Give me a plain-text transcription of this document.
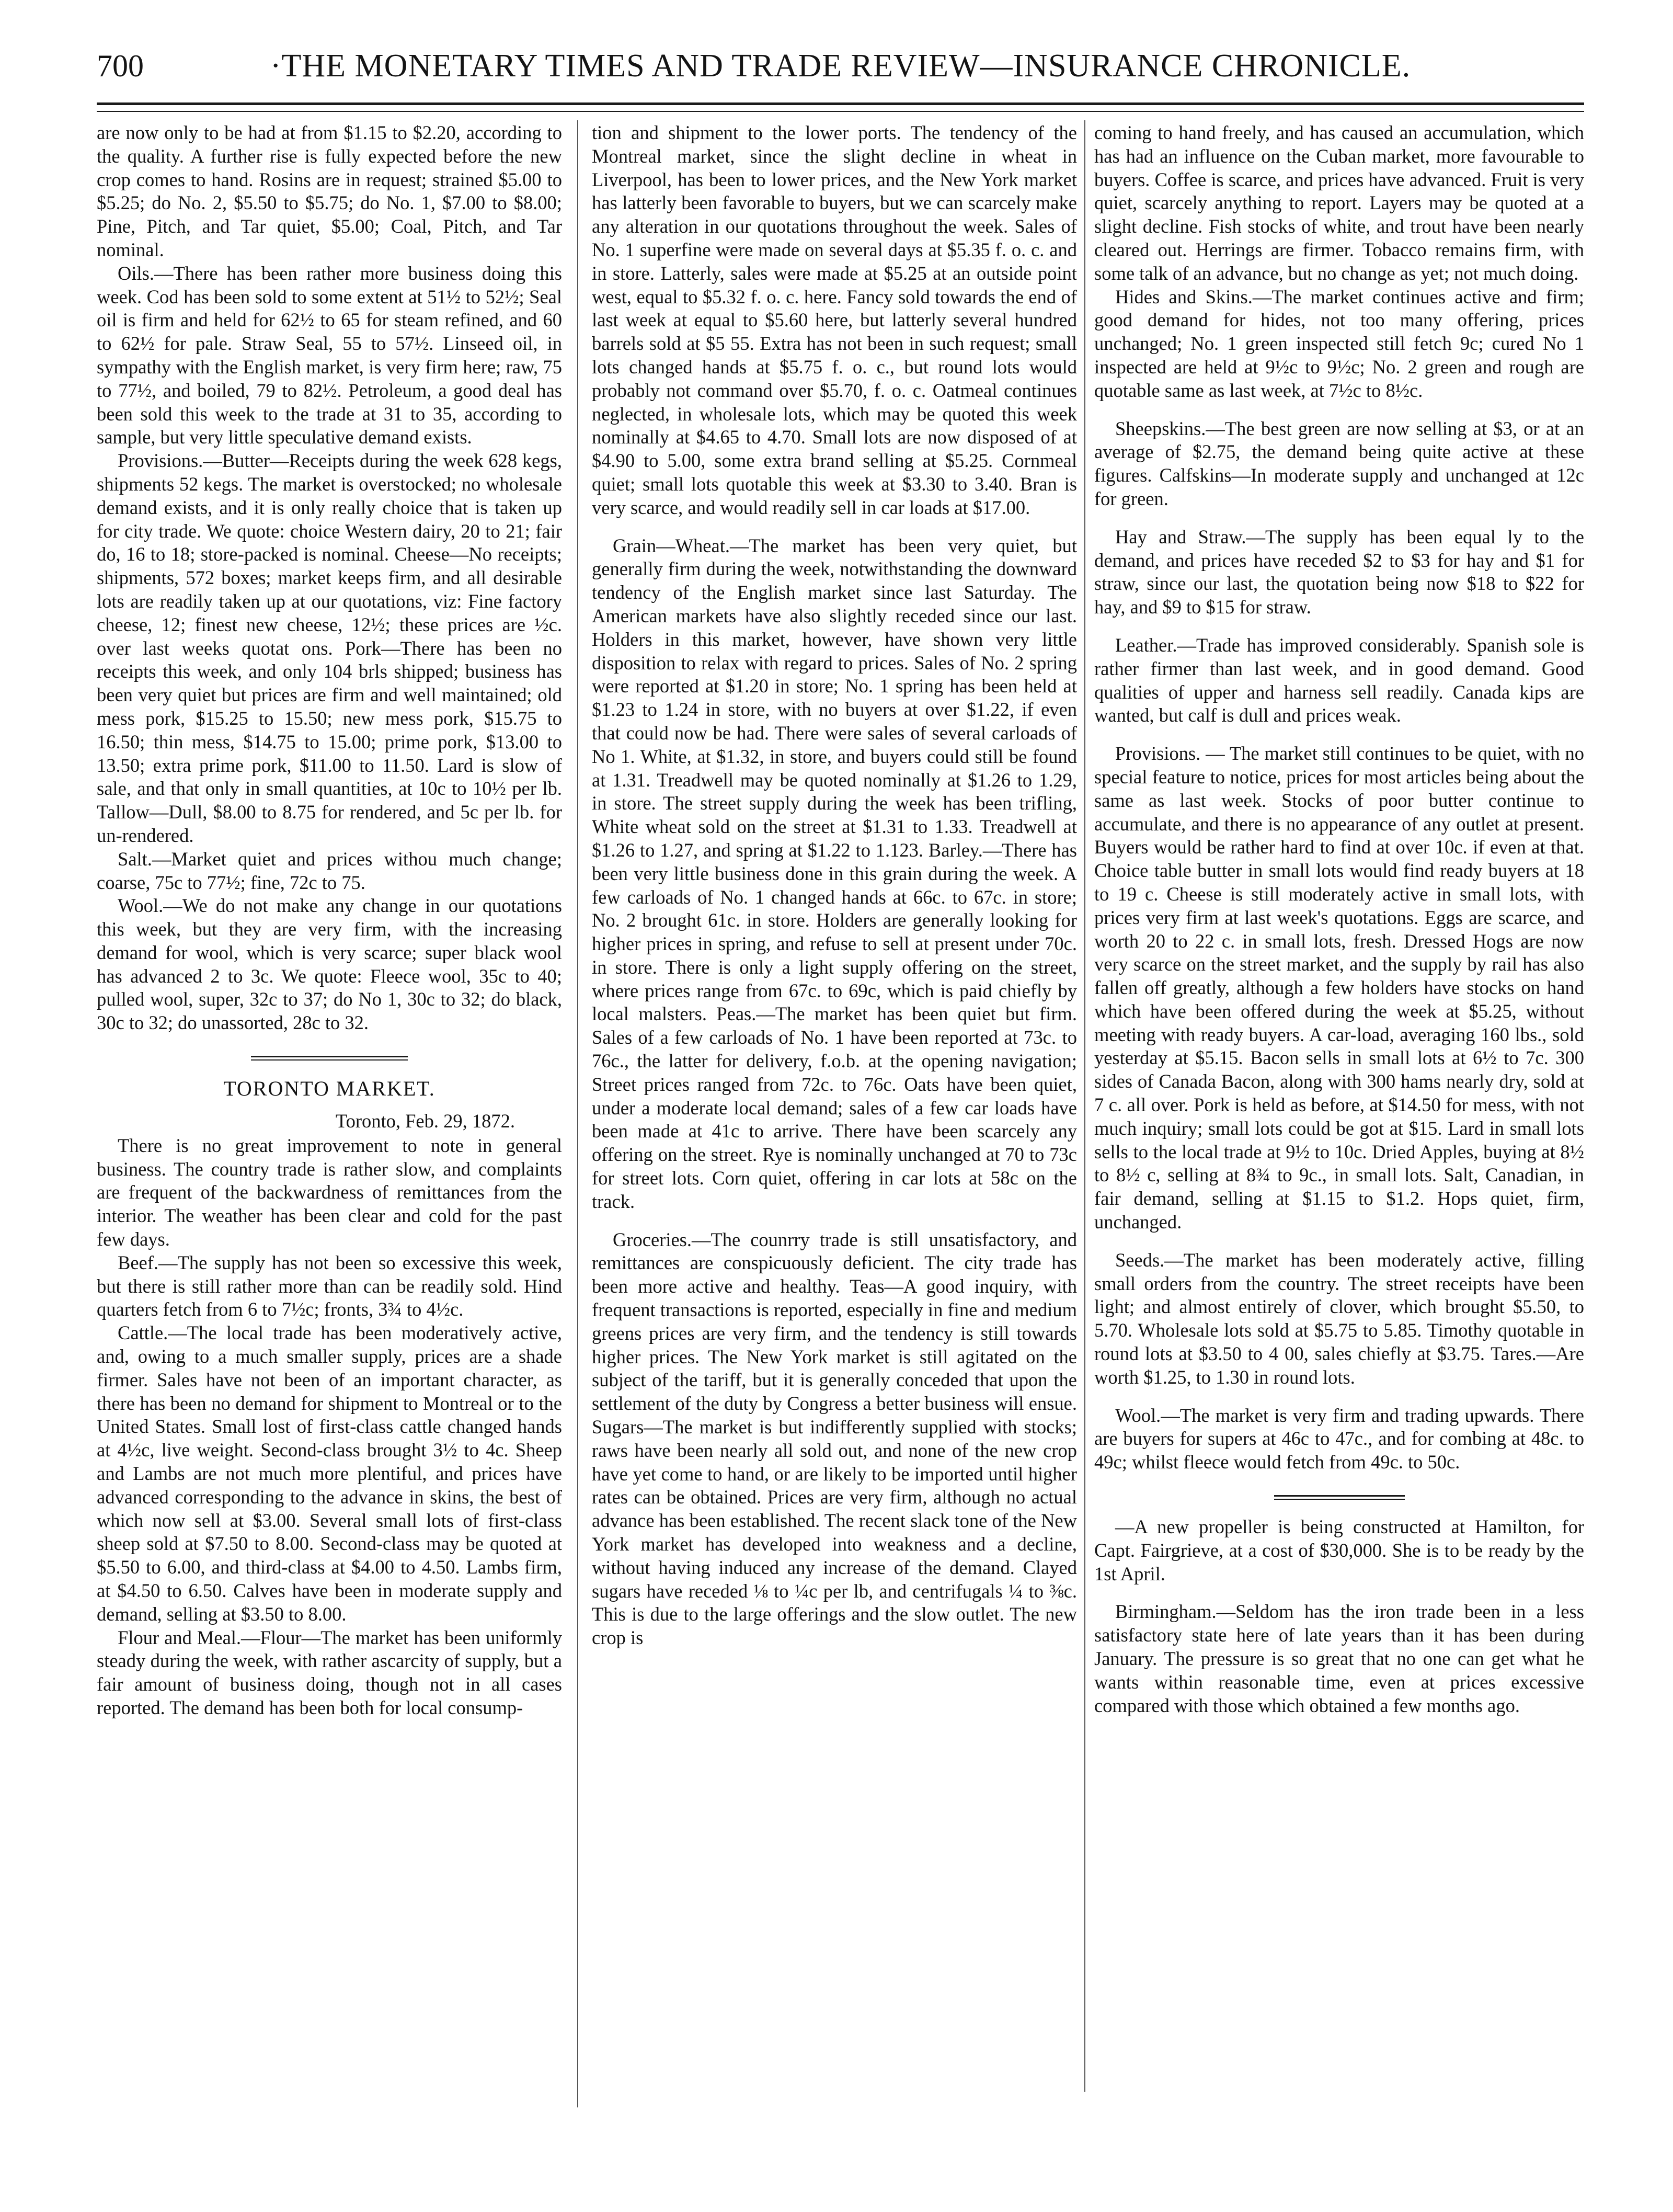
700	·THE MONETARY TIMES AND TRADE REVIEW—INSURANCE CHRONICLE.

are now only to be had at from $1.15 to $2.20, according to the quality. A further rise is fully expected before the new crop comes to hand. Rosins are in request; strained $5.00 to $5.25; do No. 2, $5.50 to $5.75; do No. 1, $7.00 to $8.00; Pine, Pitch, and Tar quiet, $5.00; Coal, Pitch, and Tar nominal.

Oils.—There has been rather more business doing this week. Cod has been sold to some extent at 51½ to 52½; Seal oil is firm and held for 62½ to 65 for steam refined, and 60 to 62½ for pale. Straw Seal, 55 to 57½. Linseed oil, in sympathy with the English market, is very firm here; raw, 75 to 77½, and boiled, 79 to 82½. Petroleum, a good deal has been sold this week to the trade at 31 to 35, according to sample, but very little speculative demand exists.

Provisions.—Butter—Receipts during the week 628 kegs, shipments 52 kegs. The market is overstocked; no wholesale demand exists, and it is only really choice that is taken up for city trade. We quote: choice Western dairy, 20 to 21; fair do, 16 to 18; store-packed is nominal. Cheese—No receipts; shipments, 572 boxes; market keeps firm, and all desirable lots are readily taken up at our quotations, viz: Fine factory cheese, 12; finest new cheese, 12½; these prices are ½c. over last weeks quotat ons. Pork—There has been no receipts this week, and only 104 brls shipped; business has been very quiet but prices are firm and well maintained; old mess pork, $15.25 to 15.50; new mess pork, $15.75 to 16.50; thin mess, $14.75 to 15.00; prime pork, $13.00 to 13.50; extra prime pork, $11.00 to 11.50. Lard is slow of sale, and that only in small quantities, at 10c to 10½ per lb. Tallow—Dull, $8.00 to 8.75 for rendered, and 5c per lb. for un-rendered.

Salt.—Market quiet and prices withou much change; coarse, 75c to 77½; fine, 72c to 75.

Wool.—We do not make any change in our quotations this week, but they are very firm, with the increasing demand for wool, which is very scarce; super black wool has advanced 2 to 3c. We quote: Fleece wool, 35c to 40; pulled wool, super, 32c to 37; do No 1, 30c to 32; do black, 30c to 32; do unassorted, 28c to 32.

TORONTO MARKET.
Toronto, Feb. 29, 1872.

There is no great improvement to note in general business. The country trade is rather slow, and complaints are frequent of the backwardness of remittances from the interior. The weather has been clear and cold for the past few days.

Beef.—The supply has not been so excessive this week, but there is still rather more than can be readily sold. Hind quarters fetch from 6 to 7½c; fronts, 3¾ to 4½c.

Cattle.—The local trade has been moderatively active, and, owing to a much smaller supply, prices are a shade firmer. Sales have not been of an important character, as there has been no demand for shipment to Montreal or to the United States. Small lost of first-class cattle changed hands at 4½c, live weight. Second-class brought 3½ to 4c. Sheep and Lambs are not much more plentiful, and prices have advanced corresponding to the advance in skins, the best of which now sell at $3.00. Several small lots of first-class sheep sold at $7.50 to 8.00. Second-class may be quoted at $5.50 to 6.00, and third-class at $4.00 to 4.50. Lambs firm, at $4.50 to 6.50. Calves have been in moderate supply and demand, selling at $3.50 to 8.00.

Flour and Meal.—Flour—The market has been uniformly steady during the week, with rather ascarcity of supply, but a fair amount of business doing, though not in all cases reported. The demand has been both for local consump-

tion and shipment to the lower ports. The tendency of the Montreal market, since the slight decline in wheat in Liverpool, has been to lower prices, and the New York market has latterly been favorable to buyers, but we can scarcely make any alteration in our quotations throughout the week. Sales of No. 1 superfine were made on several days at $5.35 f. o. c. and in store. Latterly, sales were made at $5.25 at an outside point west, equal to $5.32 f. o. c. here. Fancy sold towards the end of last week at equal to $5.60 here, but latterly several hundred barrels sold at $5 55. Extra has not been in such request; small lots changed hands at $5.75 f. o. c., but round lots would probably not command over $5.70, f. o. c. Oatmeal continues neglected, in wholesale lots, which may be quoted this week nominally at $4.65 to 4.70. Small lots are now disposed of at $4.90 to 5.00, some extra brand selling at $5.25. Cornmeal quiet; small lots quotable this week at $3.30 to 3.40. Bran is very scarce, and would readily sell in car loads at $17.00.

Grain—Wheat.—The market has been very quiet, but generally firm during the week, notwithstanding the downward tendency of the English market since last Saturday. The American markets have also slightly receded since our last. Holders in this market, however, have shown very little disposition to relax with regard to prices. Sales of No. 2 spring were reported at $1.20 in store; No. 1 spring has been held at $1.23 to 1.24 in store, with no buyers at over $1.22, if even that could now be had. There were sales of several carloads of No 1. White, at $1.32, in store, and buyers could still be found at 1.31. Treadwell may be quoted nominally at $1.26 to 1.29, in store. The street supply during the week has been trifling, White wheat sold on the street at $1.31 to 1.33. Treadwell at $1.26 to 1.27, and spring at $1.22 to 1.123. Barley.—There has been very little business done in this grain during the week. A few carloads of No. 1 changed hands at 66c. to 67c. in store; No. 2 brought 61c. in store. Holders are generally looking for higher prices in spring, and refuse to sell at present under 70c. in store. There is only a light supply offering on the street, where prices range from 67c. to 69c, which is paid chiefly by local malsters. Peas.—The market has been quiet but firm. Sales of a few carloads of No. 1 have been reported at 73c. to 76c., the latter for delivery, f.o.b. at the opening navigation; Street prices ranged from 72c. to 76c. Oats have been quiet, under a moderate local demand; sales of a few car loads have been made at 41c to arrive. There have been scarcely any offering on the street. Rye is nominally unchanged at 70 to 73c for street lots. Corn quiet, offering in car lots at 58c on the track.

Groceries.—The counrry trade is still unsatisfactory, and remittances are conspicuously deficient. The city trade has been more active and healthy. Teas—A good inquiry, with frequent transactions is reported, especially in fine and medium greens prices are very firm, and the tendency is still towards higher prices. The New York market is still agitated on the subject of the tariff, but it is generally conceded that upon the settlement of the duty by Congress a better business will ensue. Sugars—The market is but indifferently supplied with stocks; raws have been nearly all sold out, and none of the new crop have yet come to hand, or are likely to be imported until higher rates can be obtained. Prices are very firm, although no actual advance has been established. The recent slack tone of the New York market has developed into weakness and a decline, without having induced any increase of the demand. Clayed sugars have receded ⅛ to ¼c per lb, and centrifugals ¼ to ⅜c. This is due to the large offerings and the slow outlet. The new crop is

coming to hand freely, and has caused an accumulation, which has had an influence on the Cuban market, more favourable to buyers. Coffee is scarce, and prices have advanced. Fruit is very quiet, scarcely anything to report. Layers may be quoted at a slight decline. Fish stocks of white, and trout have been nearly cleared out. Herrings are firmer. Tobacco remains firm, with some talk of an advance, but no change as yet; not much doing.

Hides and Skins.—The market continues active and firm; good demand for hides, not too many offering, prices unchanged; No. 1 green inspected still fetch 9c; cured No 1 inspected are held at 9½c to 9½c; No. 2 green and rough are quotable same as last week, at 7½c to 8½c.

Sheepskins.—The best green are now selling at $3, or at an average of $2.75, the demand being quite active at these figures. Calfskins—In moderate supply and unchanged at 12c for green.

Hay and Straw.—The supply has been equal ly to the demand, and prices have receded $2 to $3 for hay and $1 for straw, since our last, the quotation being now $18 to $22 for hay, and $9 to $15 for straw.

Leather.—Trade has improved considerably. Spanish sole is rather firmer than last week, and in good demand. Good qualities of upper and harness sell readily. Canada kips are wanted, but calf is dull and prices weak.

Provisions. — The market still continues to be quiet, with no special feature to notice, prices for most articles being about the same as last week. Stocks of poor butter continue to accumulate, and there is no appearance of any outlet at present. Buyers would be rather hard to find at over 10c. if even at that. Choice table butter in small lots would find ready buyers at 18 to 19 c. Cheese is still moderately active in small lots, with prices very firm at last week's quotations. Eggs are scarce, and worth 20 to 22 c. in small lots, fresh. Dressed Hogs are now very scarce on the street market, and the supply by rail has also fallen off greatly, although a few holders have stocks on hand which have been offered during the week at $5.25, without meeting with ready buyers. A car-load, averaging 160 lbs., sold yesterday at $5.15. Bacon sells in small lots at 6½ to 7c. 300 sides of Canada Bacon, along with 300 hams nearly dry, sold at 7 c. all over. Pork is held as before, at $14.50 for mess, with not much inquiry; small lots could be got at $15. Lard in small lots sells to the local trade at 9½ to 10c. Dried Apples, buying at 8½ to 8½ c, selling at 8¾ to 9c., in small lots. Salt, Canadian, in fair demand, selling at $1.15 to $1.2. Hops quiet, firm, unchanged.

Seeds.—The market has been moderately active, filling small orders from the country. The street receipts have been light; and almost entirely of clover, which brought $5.50, to 5.70. Wholesale lots sold at $5.75 to 5.85. Timothy quotable in round lots at $3.50 to 4 00, sales chiefly at $3.75. Tares.—Are worth $1.25, to 1.30 in round lots.

Wool.—The market is very firm and trading upwards. There are buyers for supers at 46c to 47c., and for combing at 48c. to 49c; whilst fleece would fetch from 49c. to 50c.

—A new propeller is being constructed at Hamilton, for Capt. Fairgrieve, at a cost of $30,000. She is to be ready by the 1st April.

Birmingham.—Seldom has the iron trade been in a less satisfactory state here of late years than it has been during January. The pressure is so great that no one can get what he wants within reasonable time, even at prices excessive compared with those which obtained a few months ago.
